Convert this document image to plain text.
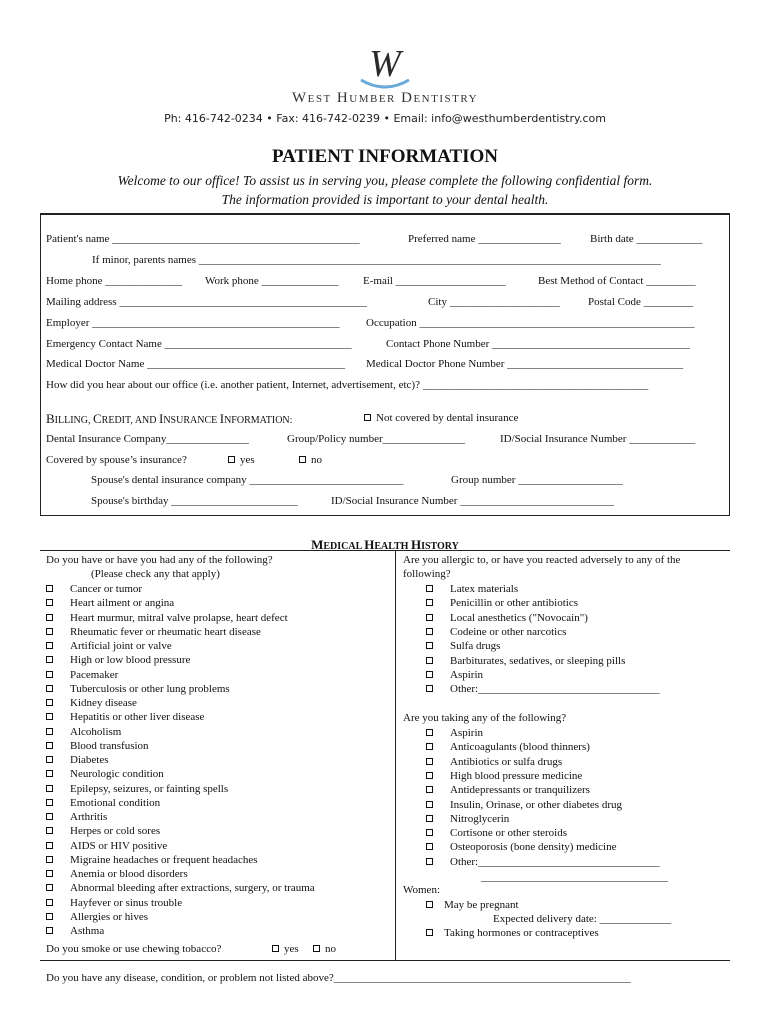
W
West Humber Dentistry
Ph: 416-742-0234 • Fax: 416-742-0239 • Email: info@westhumberdentistry.com
PATIENT INFORMATION
Welcome to our office! To assist us in serving you, please complete the following confidential form.
The information provided is important to your dental health.
Patient's name _____________________________________________	Preferred name _______________	Birth date ____________
If minor, parents names ____________________________________________________________________________________
Home phone ______________ Work phone ______________ E-mail ____________________	Best Method of Contact _________
Mailing address _____________________________________________	City ____________________	Postal Code _________
Employer _____________________________________________ Occupation __________________________________________________
Emergency Contact Name __________________________________	Contact Phone Number ____________________________________
Medical Doctor Name ____________________________________ Medical Doctor Phone Number ________________________________
How did you hear about our office (i.e. another patient, Internet, advertisement, etc)? _________________________________________
BILLING, CREDIT, AND INSURANCE INFORMATION:	Not covered by dental insurance
Dental Insurance Company_______________	Group/Policy number_______________	ID/Social Insurance Number ____________
Covered by spouse’s insurance?	yes	no
Spouse's dental insurance company ____________________________	Group number ___________________
Spouse's birthday _______________________	ID/Social Insurance Number ____________________________
MEDICAL HEALTH HISTORY
Do you have or have you had any of the following?
(Please check any that apply)
Cancer or tumor
Heart ailment or angina
Heart murmur, mitral valve prolapse, heart defect
Rheumatic fever or rheumatic heart disease
Artificial joint or valve
High or low blood pressure
Pacemaker
Tuberculosis or other lung problems
Kidney disease
Hepatitis or other liver disease
Alcoholism
Blood transfusion
Diabetes
Neurologic condition
Epilepsy, seizures, or fainting spells
Emotional condition
Arthritis
Herpes or cold sores
AIDS or HIV positive
Migraine headaches or frequent headaches
Anemia or blood disorders
Abnormal bleeding after extractions, surgery, or trauma
Hayfever or sinus trouble
Allergies or hives
Asthma
Do you smoke or use chewing tobacco?	yes	no
Are you allergic to, or have you reacted adversely to any of the
following?
Latex materials
Penicillin or other antibiotics
Local anesthetics ("Novocain")
Codeine or other narcotics
Sulfa drugs
Barbiturates, sedatives, or sleeping pills
Aspirin
Other:_________________________________
Are you taking any of the following?
Aspirin
Anticoagulants (blood thinners)
Antibiotics or sulfa drugs
High blood pressure medicine
Antidepressants or tranquilizers
Insulin, Orinase, or other diabetes drug
Nitroglycerin
Cortisone or other steroids
Osteoporosis (bone density) medicine
Other:_________________________________
__________________________________
Women:
May be pregnant
Expected delivery date: _____________
Taking hormones or contraceptives
Do you have any disease, condition, or problem not listed above?______________________________________________________
